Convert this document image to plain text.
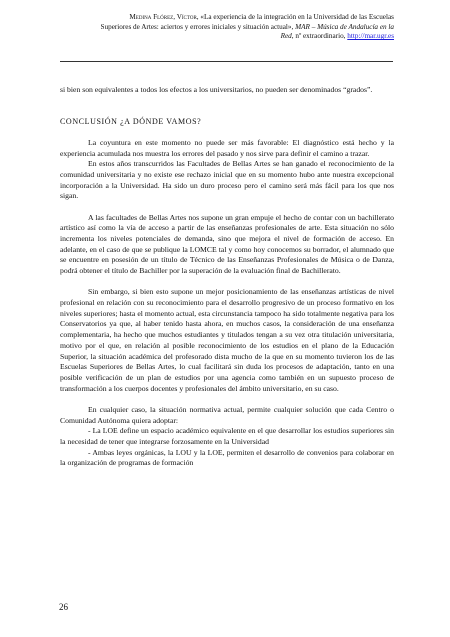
Medina Flórez, Víctor, «La experiencia de la integración en la Universidad de las Escuelas
Superiores de Artes: aciertos y errores iniciales y situación actual», MAR – Música de Andalucía en la
Red, nº extraordinario, http://mar.ugr.es

si bien son equivalentes a todos los efectos a los universitarios, no pueden ser denominados “grados”.

CONCLUSIÓN ¿A DÓNDE VAMOS?

La coyuntura en este momento no puede ser más favorable: El diagnóstico está hecho y la experiencia acumulada nos muestra los errores del pasado y nos sirve para definir el camino a trazar.

En estos años transcurridos las Facultades de Bellas Artes se han ganado el reconocimiento de la comunidad universitaria y no existe ese rechazo inicial que en su momento hubo ante nuestra excepcional incorporación a la Universidad. Ha sido un duro proceso pero el camino será más fácil para los que nos sigan.

A las facultades de Bellas Artes nos supone un gran empuje el hecho de contar con un bachillerato artístico así como la vía de acceso a partir de las enseñanzas profesionales de arte. Esta situación no sólo incrementa los niveles potenciales de demanda, sino que mejora el nivel de formación de acceso. En adelante, en el caso de que se publique la LOMCE tal y como hoy conocemos su borrador, el alumnado que se encuentre en posesión de un título de Técnico de las Enseñanzas Profesionales de Música o de Danza, podrá obtener el título de Bachiller por la superación de la evaluación final de Bachillerato.

Sin embargo, si bien esto supone un mejor posicionamiento de las enseñanzas artísticas de nivel profesional en relación con su reconocimiento para el desarrollo progresivo de un proceso formativo en los niveles superiores; hasta el momento actual, esta circunstancia tampoco ha sido totalmente negativa para los Conservatorios ya que, al haber tenido hasta ahora, en muchos casos, la consideración de una enseñanza complementaria, ha hecho que muchos estudiantes y titulados tengan a su vez otra titulación universitaria, motivo por el que, en relación al posible reconocimiento de los estudios en el plano de la Educación Superior, la situación académica del profesorado dista mucho de la que en su momento tuvieron los de las Escuelas Superiores de Bellas Artes, lo cual facilitará sin duda los procesos de adaptación, tanto en una posible verificación de un plan de estudios por una agencia como también en un supuesto proceso de transformación a los cuerpos docentes y profesionales del ámbito universitario, en su caso.

En cualquier caso, la situación normativa actual, permite cualquier solución que cada Centro o Comunidad Autónoma quiera adoptar:

- La LOE define un espacio académico equivalente en el que desarrollar los estudios superiores sin la necesidad de tener que integrarse forzosamente en la Universidad

- Ambas leyes orgánicas, la LOU y la LOE, permiten el desarrollo de convenios para colaborar en la organización de programas de formación

26
